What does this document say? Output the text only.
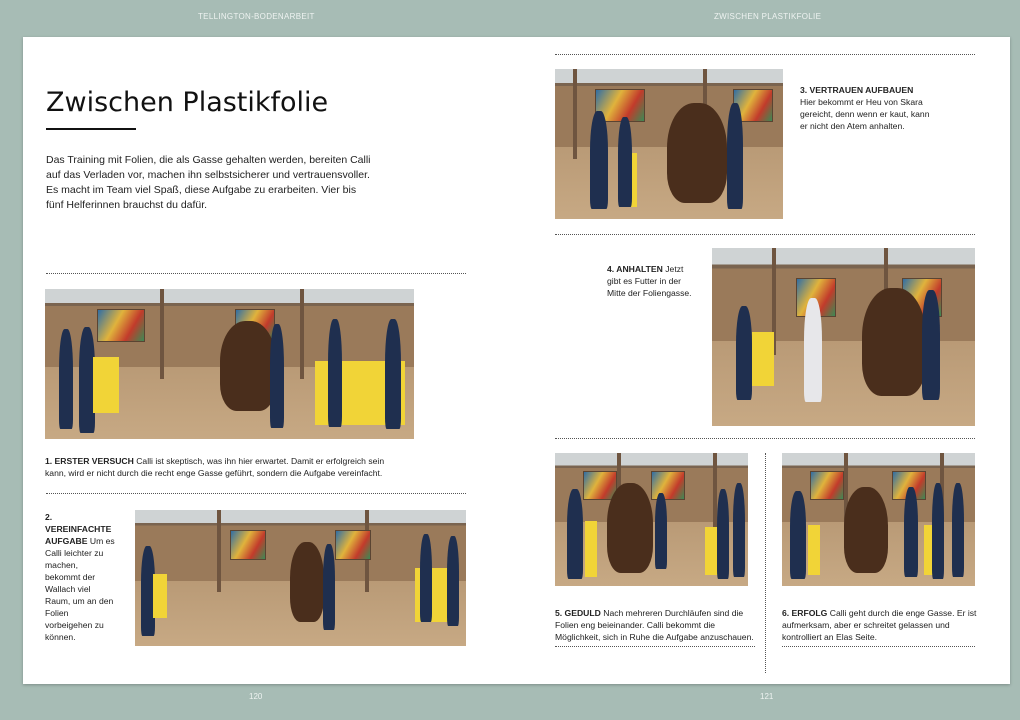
TELLINGTON-BODENARBEIT	ZWISCHEN PLASTIKFOLIE
Zwischen Plastikfolie

Das Training mit Folien, die als Gasse gehalten werden, bereiten Calli auf das Verladen vor, machen ihn selbstsicherer und vertrauensvoller. Es macht im Team viel Spaß, diese Aufgabe zu erarbeiten. Vier bis fünf Helferinnen brauchst du dafür.

1. ERSTER VERSUCH Calli ist skeptisch, was ihn hier erwartet. Damit er erfolgreich sein kann, wird er nicht durch die recht enge Gasse geführt, sondern die Aufgabe vereinfacht.

2. VEREINFACHTE AUFGABE Um es Calli leichter zu machen, bekommt der Wallach viel Raum, um an den Folien vorbeigehen zu können.

3. VERTRAUEN AUFBAUEN
Hier bekommt er Heu von Skara gereicht, denn wenn er kaut, kann er nicht den Atem anhalten.

4. ANHALTEN Jetzt gibt es Futter in der Mitte der Foliengasse.

5. GEDULD Nach mehreren Durchläufen sind die Folien eng beieinander. Calli bekommt die Möglichkeit, sich in Ruhe die Aufgabe anzuschauen.

6. ERFOLG Calli geht durch die enge Gasse. Er ist aufmerksam, aber er schreitet gelassen und kontrolliert an Elas Seite.

120	121
